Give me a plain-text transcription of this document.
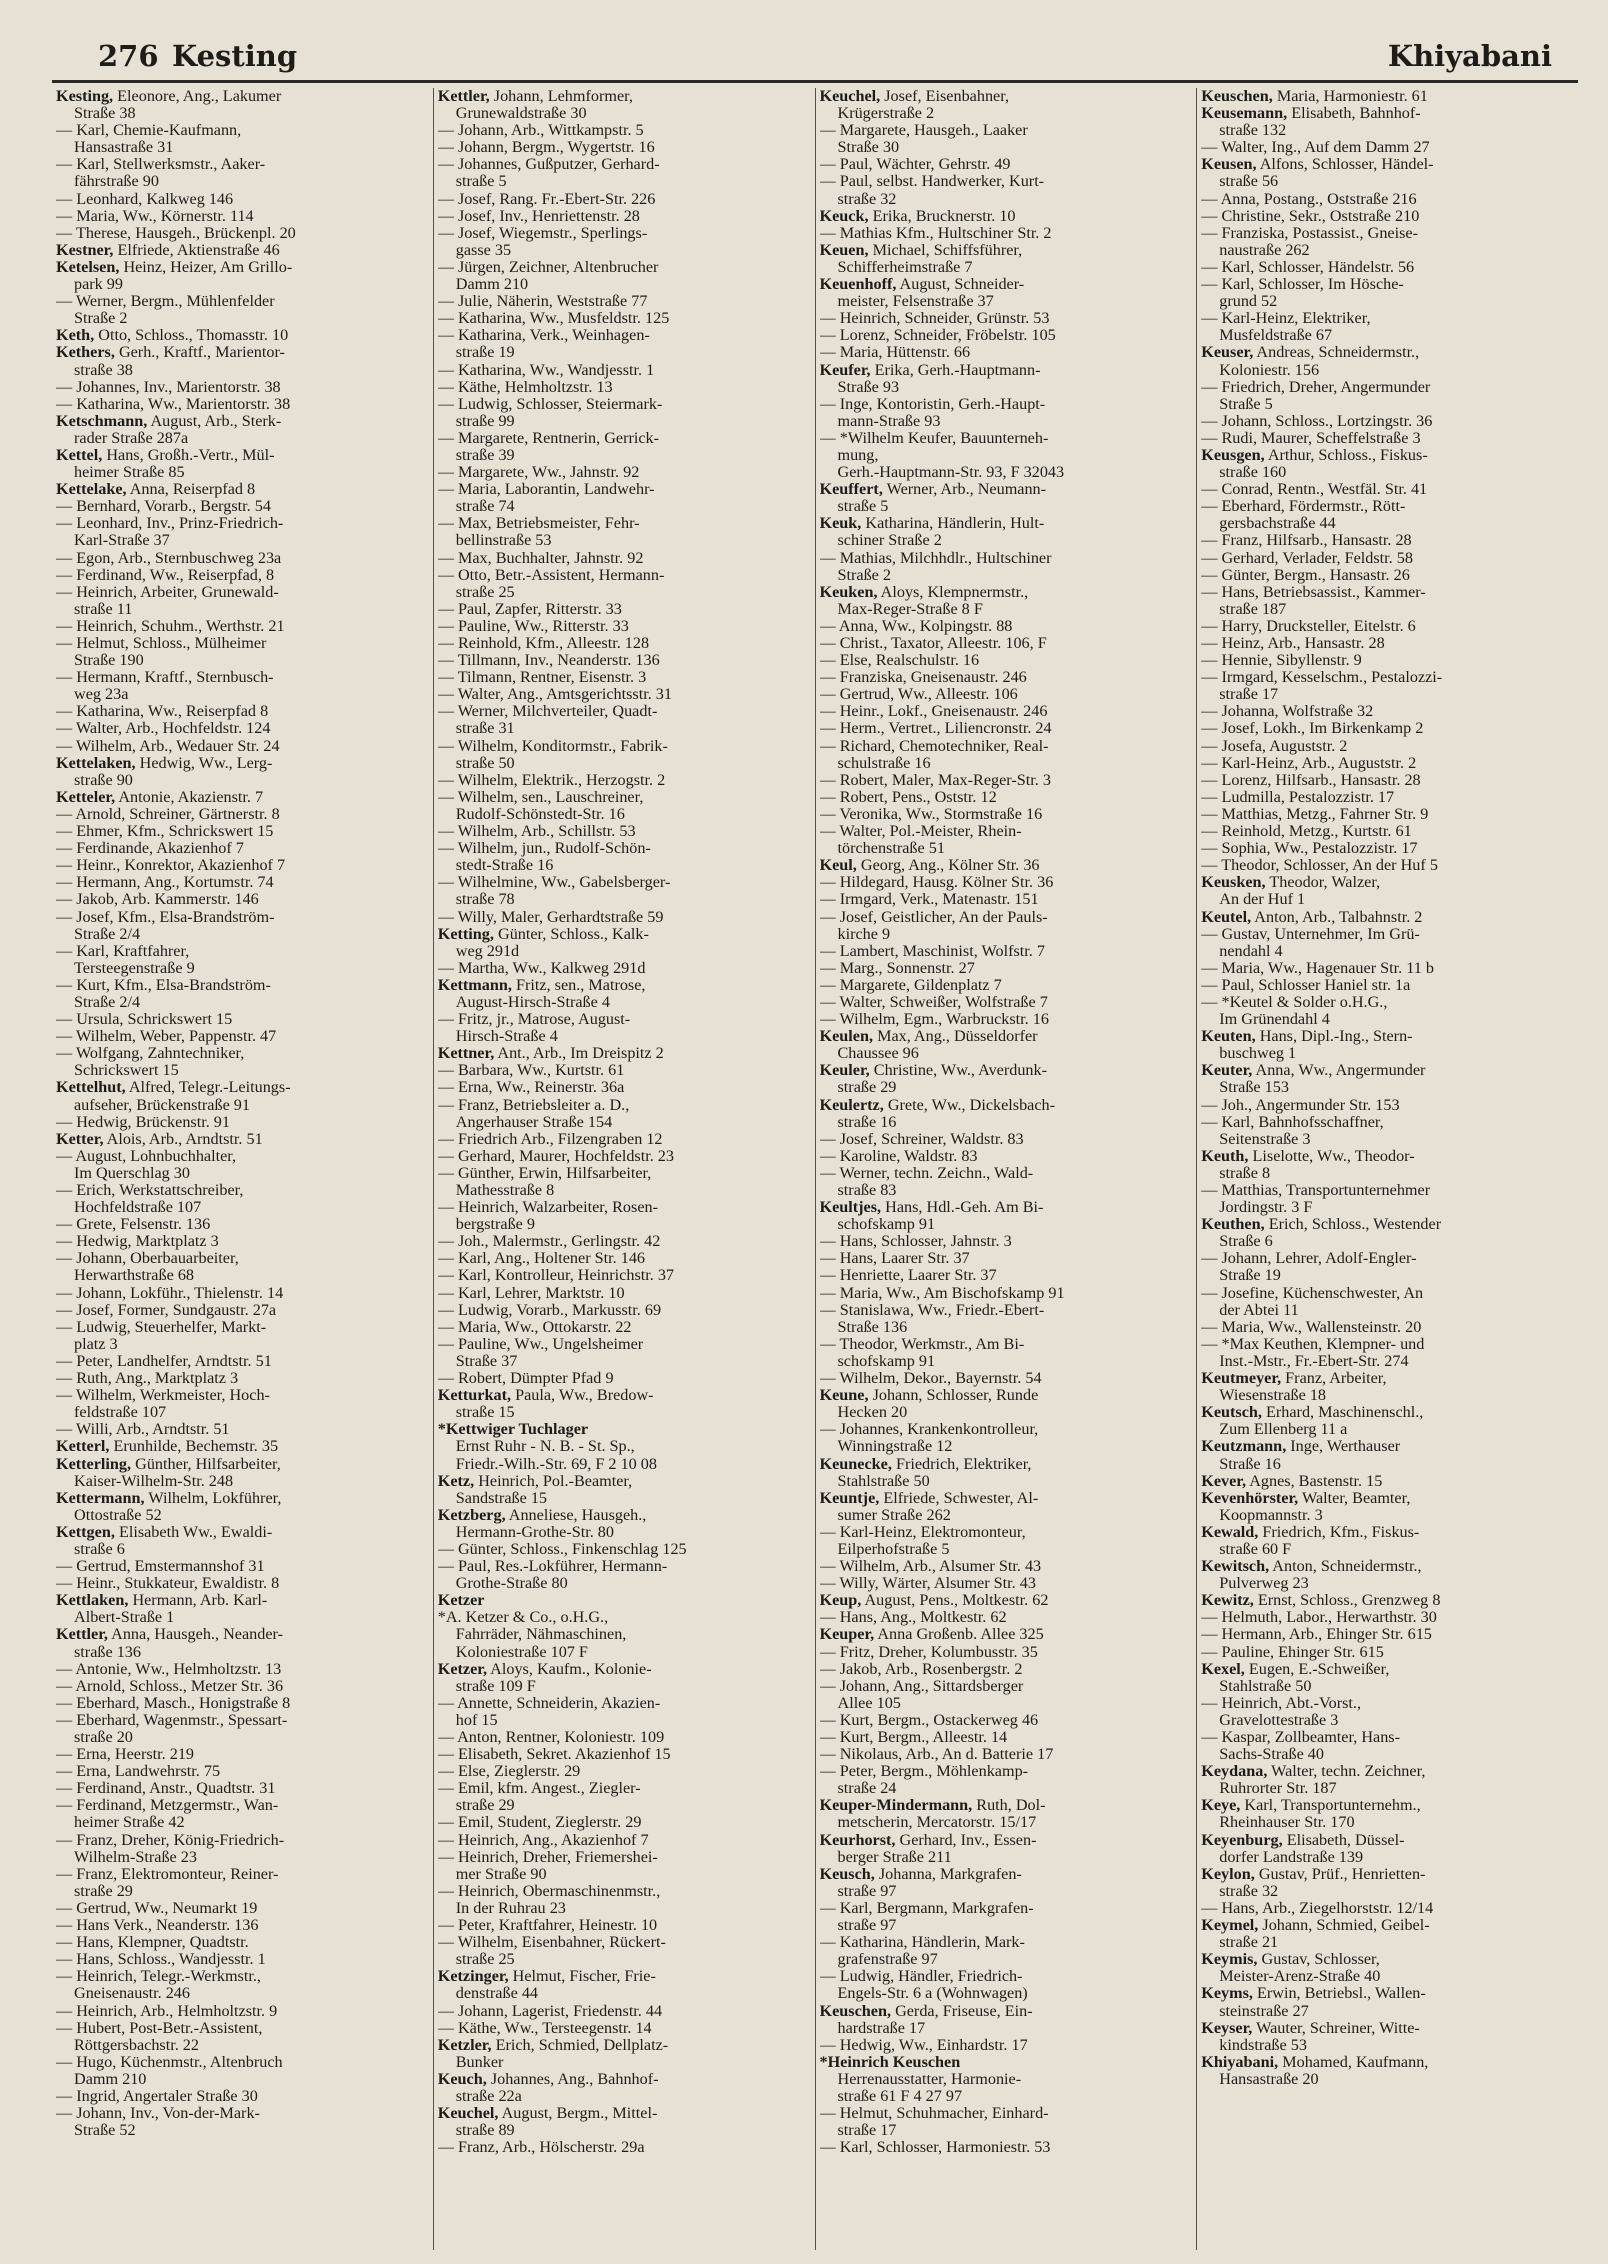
276 Kesting	Khiyabani

Kesting, Eleonore, Ang., Lakumer

Straße 38

— Karl, Chemie-Kaufmann,

Hansastraße 31

— Karl, Stellwerksmstr., Aaker-

fährstraße 90

— Leonhard, Kalkweg 146

— Maria, Ww., Körnerstr. 114

— Therese, Hausgeh., Brückenpl. 20

Kestner, Elfriede, Aktienstraße 46

Ketelsen, Heinz, Heizer, Am Grillo-

park 99

— Werner, Bergm., Mühlenfelder

Straße 2

Keth, Otto, Schloss., Thomasstr. 10

Kethers, Gerh., Kraftf., Marientor-

straße 38

— Johannes, Inv., Marientorstr. 38

— Katharina, Ww., Marientorstr. 38

Ketschmann, August, Arb., Sterk-

rader Straße 287a

Kettel, Hans, Großh.-Vertr., Mül-

heimer Straße 85

Kettelake, Anna, Reiserpfad 8

— Bernhard, Vorarb., Bergstr. 54

— Leonhard, Inv., Prinz-Friedrich-

Karl-Straße 37

— Egon, Arb., Sternbuschweg 23a

— Ferdinand, Ww., Reiserpfad, 8

— Heinrich, Arbeiter, Grunewald-

straße 11

— Heinrich, Schuhm., Werthstr. 21

— Helmut, Schloss., Mülheimer

Straße 190

— Hermann, Kraftf., Sternbusch-

weg 23a

— Katharina, Ww., Reiserpfad 8

— Walter, Arb., Hochfeldstr. 124

— Wilhelm, Arb., Wedauer Str. 24

Kettelaken, Hedwig, Ww., Lerg-

straße 90

Ketteler, Antonie, Akazienstr. 7

— Arnold, Schreiner, Gärtnerstr. 8

— Ehmer, Kfm., Schrickswert 15

— Ferdinande, Akazienhof 7

— Heinr., Konrektor, Akazienhof 7

— Hermann, Ang., Kortumstr. 74

— Jakob, Arb. Kammerstr. 146

— Josef, Kfm., Elsa-Brandström-

Straße 2/4

— Karl, Kraftfahrer,

Tersteegenstraße 9

— Kurt, Kfm., Elsa-Brandström-

Straße 2/4

— Ursula, Schrickswert 15

— Wilhelm, Weber, Pappenstr. 47

— Wolfgang, Zahntechniker,

Schrickswert 15

Kettelhut, Alfred, Telegr.-Leitungs-

aufseher, Brückenstraße 91

— Hedwig, Brückenstr. 91

Ketter, Alois, Arb., Arndtstr. 51

— August, Lohnbuchhalter,

Im Querschlag 30

— Erich, Werkstattschreiber,

Hochfeldstraße 107

— Grete, Felsenstr. 136

— Hedwig, Marktplatz 3

— Johann, Oberbauarbeiter,

Herwarthstraße 68

— Johann, Lokführ., Thielenstr. 14

— Josef, Former, Sundgaustr. 27a

— Ludwig, Steuerhelfer, Markt-

platz 3

— Peter, Landhelfer, Arndtstr. 51

— Ruth, Ang., Marktplatz 3

— Wilhelm, Werkmeister, Hoch-

feldstraße 107

— Willi, Arb., Arndtstr. 51

Ketterl, Erunhilde, Bechemstr. 35

Ketterling, Günther, Hilfsarbeiter,

Kaiser-Wilhelm-Str. 248

Kettermann, Wilhelm, Lokführer,

Ottostraße 52

Kettgen, Elisabeth Ww., Ewaldi-

straße 6

— Gertrud, Emstermannshof 31

— Heinr., Stukkateur, Ewaldistr. 8

Kettlaken, Hermann, Arb. Karl-

Albert-Straße 1

Kettler, Anna, Hausgeh., Neander-

straße 136

— Antonie, Ww., Helmholtzstr. 13

— Arnold, Schloss., Metzer Str. 36

— Eberhard, Masch., Honigstraße 8

— Eberhard, Wagenmstr., Spessart-

straße 20

— Erna, Heerstr. 219

— Erna, Landwehrstr. 75

— Ferdinand, Anstr., Quadtstr. 31

— Ferdinand, Metzgermstr., Wan-

heimer Straße 42

— Franz, Dreher, König-Friedrich-

Wilhelm-Straße 23

— Franz, Elektromonteur, Reiner-

straße 29

— Gertrud, Ww., Neumarkt 19

— Hans Verk., Neanderstr. 136

— Hans, Klempner, Quadtstr.

— Hans, Schloss., Wandjesstr. 1

— Heinrich, Telegr.-Werkmstr.,

Gneisenaustr. 246

— Heinrich, Arb., Helmholtzstr. 9

— Hubert, Post-Betr.-Assistent,

Röttgersbachstr. 22

— Hugo, Küchenmstr., Altenbruch

Damm 210

— Ingrid, Angertaler Straße 30

— Johann, Inv., Von-der-Mark-

Straße 52

Kettler, Johann, Lehmformer,

Grunewaldstraße 30

— Johann, Arb., Wittkampstr. 5

— Johann, Bergm., Wygertstr. 16

— Johannes, Gußputzer, Gerhard-

straße 5

— Josef, Rang. Fr.-Ebert-Str. 226

— Josef, Inv., Henriettenstr. 28

— Josef, Wiegemstr., Sperlings-

gasse 35

— Jürgen, Zeichner, Altenbrucher

Damm 210

— Julie, Näherin, Weststraße 77

— Katharina, Ww., Musfeldstr. 125

— Katharina, Verk., Weinhagen-

straße 19

— Katharina, Ww., Wandjesstr. 1

— Käthe, Helmholtzstr. 13

— Ludwig, Schlosser, Steiermark-

straße 99

— Margarete, Rentnerin, Gerrick-

straße 39

— Margarete, Ww., Jahnstr. 92

— Maria, Laborantin, Landwehr-

straße 74

— Max, Betriebsmeister, Fehr-

bellinstraße 53

— Max, Buchhalter, Jahnstr. 92

— Otto, Betr.-Assistent, Hermann-

straße 25

— Paul, Zapfer, Ritterstr. 33

— Pauline, Ww., Ritterstr. 33

— Reinhold, Kfm., Alleestr. 128

— Tillmann, Inv., Neanderstr. 136

— Tilmann, Rentner, Eisenstr. 3

— Walter, Ang., Amtsgerichtsstr. 31

— Werner, Milchverteiler, Quadt-

straße 31

— Wilhelm, Konditormstr., Fabrik-

straße 50

— Wilhelm, Elektrik., Herzogstr. 2

— Wilhelm, sen., Lauschreiner,

Rudolf-Schönstedt-Str. 16

— Wilhelm, Arb., Schillstr. 53

— Wilhelm, jun., Rudolf-Schön-

stedt-Straße 16

— Wilhelmine, Ww., Gabelsberger-

straße 78

— Willy, Maler, Gerhardtstraße 59

Ketting, Günter, Schloss., Kalk-

weg 291d

— Martha, Ww., Kalkweg 291d

Kettmann, Fritz, sen., Matrose,

August-Hirsch-Straße 4

— Fritz, jr., Matrose, August-

Hirsch-Straße 4

Kettner, Ant., Arb., Im Dreispitz 2

— Barbara, Ww., Kurtstr. 61

— Erna, Ww., Reinerstr. 36a

— Franz, Betriebsleiter a. D.,

Angerhauser Straße 154

— Friedrich Arb., Filzengraben 12

— Gerhard, Maurer, Hochfeldstr. 23

— Günther, Erwin, Hilfsarbeiter,

Mathesstraße 8

— Heinrich, Walzarbeiter, Rosen-

bergstraße 9

— Joh., Malermstr., Gerlingstr. 42

— Karl, Ang., Holtener Str. 146

— Karl, Kontrolleur, Heinrichstr. 37

— Karl, Lehrer, Marktstr. 10

— Ludwig, Vorarb., Markusstr. 69

— Maria, Ww., Ottokarstr. 22

— Pauline, Ww., Ungelsheimer

Straße 37

— Robert, Dümpter Pfad 9

Ketturkat, Paula, Ww., Bredow-

straße 15

*Kettwiger Tuchlager

Ernst Ruhr - N. B. - St. Sp.,

Friedr.-Wilh.-Str. 69, F 2 10 08

Ketz, Heinrich, Pol.-Beamter,

Sandstraße 15

Ketzberg, Anneliese, Hausgeh.,

Hermann-Grothe-Str. 80

— Günter, Schloss., Finkenschlag 125

— Paul, Res.-Lokführer, Hermann-

Grothe-Straße 80

Ketzer

*A. Ketzer & Co., o.H.G.,

Fahrräder, Nähmaschinen,

Koloniestraße 107 F

Ketzer, Aloys, Kaufm., Kolonie-

straße 109 F

— Annette, Schneiderin, Akazien-

hof 15

— Anton, Rentner, Koloniestr. 109

— Elisabeth, Sekret. Akazienhof 15

— Else, Zieglerstr. 29

— Emil, kfm. Angest., Ziegler-

straße 29

— Emil, Student, Zieglerstr. 29

— Heinrich, Ang., Akazienhof 7

— Heinrich, Dreher, Friemershei-

mer Straße 90

— Heinrich, Obermaschinenmstr.,

In der Ruhrau 23

— Peter, Kraftfahrer, Heinestr. 10

— Wilhelm, Eisenbahner, Rückert-

straße 25

Ketzinger, Helmut, Fischer, Frie-

denstraße 44

— Johann, Lagerist, Friedenstr. 44

— Käthe, Ww., Tersteegenstr. 14

Ketzler, Erich, Schmied, Dellplatz-

Bunker

Keuch, Johannes, Ang., Bahnhof-

straße 22a

Keuchel, August, Bergm., Mittel-

straße 89

— Franz, Arb., Hölscherstr. 29a

Keuchel, Josef, Eisenbahner,

Krügerstraße 2

— Margarete, Hausgeh., Laaker

Straße 30

— Paul, Wächter, Gehrstr. 49

— Paul, selbst. Handwerker, Kurt-

straße 32

Keuck, Erika, Brucknerstr. 10

— Mathias Kfm., Hultschiner Str. 2

Keuen, Michael, Schiffsführer,

Schifferheimstraße 7

Keuenhoff, August, Schneider-

meister, Felsenstraße 37

— Heinrich, Schneider, Grünstr. 53

— Lorenz, Schneider, Fröbelstr. 105

— Maria, Hüttenstr. 66

Keufer, Erika, Gerh.-Hauptmann-

Straße 93

— Inge, Kontoristin, Gerh.-Haupt-

mann-Straße 93

— *Wilhelm Keufer, Bauunterneh-

mung,

Gerh.-Hauptmann-Str. 93, F 32043

Keuffert, Werner, Arb., Neumann-

straße 5

Keuk, Katharina, Händlerin, Hult-

schiner Straße 2

— Mathias, Milchhdlr., Hultschiner

Straße 2

Keuken, Aloys, Klempnermstr.,

Max-Reger-Straße 8 F

— Anna, Ww., Kolpingstr. 88

— Christ., Taxator, Alleestr. 106, F

— Else, Realschulstr. 16

— Franziska, Gneisenaustr. 246

— Gertrud, Ww., Alleestr. 106

— Heinr., Lokf., Gneisenaustr. 246

— Herm., Vertret., Liliencronstr. 24

— Richard, Chemotechniker, Real-

schulstraße 16

— Robert, Maler, Max-Reger-Str. 3

— Robert, Pens., Oststr. 12

— Veronika, Ww., Stormstraße 16

— Walter, Pol.-Meister, Rhein-

törchenstraße 51

Keul, Georg, Ang., Kölner Str. 36

— Hildegard, Hausg. Kölner Str. 36

— Irmgard, Verk., Matenastr. 151

— Josef, Geistlicher, An der Pauls-

kirche 9

— Lambert, Maschinist, Wolfstr. 7

— Marg., Sonnenstr. 27

— Margarete, Gildenplatz 7

— Walter, Schweißer, Wolfstraße 7

— Wilhelm, Egm., Warbruckstr. 16

Keulen, Max, Ang., Düsseldorfer

Chaussee 96

Keuler, Christine, Ww., Averdunk-

straße 29

Keulertz, Grete, Ww., Dickelsbach-

straße 16

— Josef, Schreiner, Waldstr. 83

— Karoline, Waldstr. 83

— Werner, techn. Zeichn., Wald-

straße 83

Keultjes, Hans, Hdl.-Geh. Am Bi-

schofskamp 91

— Hans, Schlosser, Jahnstr. 3

— Hans, Laarer Str. 37

— Henriette, Laarer Str. 37

— Maria, Ww., Am Bischofskamp 91

— Stanislawa, Ww., Friedr.-Ebert-

Straße 136

— Theodor, Werkmstr., Am Bi-

schofskamp 91

— Wilhelm, Dekor., Bayernstr. 54

Keune, Johann, Schlosser, Runde

Hecken 20

— Johannes, Krankenkontrolleur,

Winningstraße 12

Keunecke, Friedrich, Elektriker,

Stahlstraße 50

Keuntje, Elfriede, Schwester, Al-

sumer Straße 262

— Karl-Heinz, Elektromonteur,

Eilperhofstraße 5

— Wilhelm, Arb., Alsumer Str. 43

— Willy, Wärter, Alsumer Str. 43

Keup, August, Pens., Moltkestr. 62

— Hans, Ang., Moltkestr. 62

Keuper, Anna Großenb. Allee 325

— Fritz, Dreher, Kolumbusstr. 35

— Jakob, Arb., Rosenbergstr. 2

— Johann, Ang., Sittardsberger

Allee 105

— Kurt, Bergm., Ostackerweg 46

— Kurt, Bergm., Alleestr. 14

— Nikolaus, Arb., An d. Batterie 17

— Peter, Bergm., Möhlenkamp-

straße 24

Keuper-Mindermann, Ruth, Dol-

metscherin, Mercatorstr. 15/17

Keurhorst, Gerhard, Inv., Essen-

berger Straße 211

Keusch, Johanna, Markgrafen-

straße 97

— Karl, Bergmann, Markgrafen-

straße 97

— Katharina, Händlerin, Mark-

grafenstraße 97

— Ludwig, Händler, Friedrich-

Engels-Str. 6 a (Wohnwagen)

Keuschen, Gerda, Friseuse, Ein-

hardstraße 17

— Hedwig, Ww., Einhardstr. 17

*Heinrich Keuschen

Herrenausstatter, Harmonie-

straße 61 F 4 27 97

— Helmut, Schuhmacher, Einhard-

straße 17

— Karl, Schlosser, Harmoniestr. 53

Keuschen, Maria, Harmoniestr. 61

Keusemann, Elisabeth, Bahnhof-

straße 132

— Walter, Ing., Auf dem Damm 27

Keusen, Alfons, Schlosser, Händel-

straße 56

— Anna, Postang., Oststraße 216

— Christine, Sekr., Oststraße 210

— Franziska, Postassist., Gneise-

naustraße 262

— Karl, Schlosser, Händelstr. 56

— Karl, Schlosser, Im Hösche-

grund 52

— Karl-Heinz, Elektriker,

Musfeldstraße 67

Keuser, Andreas, Schneidermstr.,

Koloniestr. 156

— Friedrich, Dreher, Angermunder

Straße 5

— Johann, Schloss., Lortzingstr. 36

— Rudi, Maurer, Scheffelstraße 3

Keusgen, Arthur, Schloss., Fiskus-

straße 160

— Conrad, Rentn., Westfäl. Str. 41

— Eberhard, Fördermstr., Rött-

gersbachstraße 44

— Franz, Hilfsarb., Hansastr. 28

— Gerhard, Verlader, Feldstr. 58

— Günter, Bergm., Hansastr. 26

— Hans, Betriebsassist., Kammer-

straße 187

— Harry, Drucksteller, Eitelstr. 6

— Heinz, Arb., Hansastr. 28

— Hennie, Sibyllenstr. 9

— Irmgard, Kesselschm., Pestalozzi-

straße 17

— Johanna, Wolfstraße 32

— Josef, Lokh., Im Birkenkamp 2

— Josefa, Auguststr. 2

— Karl-Heinz, Arb., Auguststr. 2

— Lorenz, Hilfsarb., Hansastr. 28

— Ludmilla, Pestalozzistr. 17

— Matthias, Metzg., Fahrner Str. 9

— Reinhold, Metzg., Kurtstr. 61

— Sophia, Ww., Pestalozzistr. 17

— Theodor, Schlosser, An der Huf 5

Keusken, Theodor, Walzer,

An der Huf 1

Keutel, Anton, Arb., Talbahnstr. 2

— Gustav, Unternehmer, Im Grü-

nendahl 4

— Maria, Ww., Hagenauer Str. 11 b

— Paul, Schlosser Haniel str. 1a

— *Keutel & Solder o.H.G.,

Im Grünendahl 4

Keuten, Hans, Dipl.-Ing., Stern-

buschweg 1

Keuter, Anna, Ww., Angermunder

Straße 153

— Joh., Angermunder Str. 153

— Karl, Bahnhofsschaffner,

Seitenstraße 3

Keuth, Liselotte, Ww., Theodor-

straße 8

— Matthias, Transportunternehmer

Jordingstr. 3 F

Keuthen, Erich, Schloss., Westender

Straße 6

— Johann, Lehrer, Adolf-Engler-

Straße 19

— Josefine, Küchenschwester, An

der Abtei 11

— Maria, Ww., Wallensteinstr. 20

— *Max Keuthen, Klempner- und

Inst.-Mstr., Fr.-Ebert-Str. 274

Keutmeyer, Franz, Arbeiter,

Wiesenstraße 18

Keutsch, Erhard, Maschinenschl.,

Zum Ellenberg 11 a

Keutzmann, Inge, Werthauser

Straße 16

Kever, Agnes, Bastenstr. 15

Kevenhörster, Walter, Beamter,

Koopmannstr. 3

Kewald, Friedrich, Kfm., Fiskus-

straße 60 F

Kewitsch, Anton, Schneidermstr.,

Pulverweg 23

Kewitz, Ernst, Schloss., Grenzweg 8

— Helmuth, Labor., Herwarthstr. 30

— Hermann, Arb., Ehinger Str. 615

— Pauline, Ehinger Str. 615

Kexel, Eugen, E.-Schweißer,

Stahlstraße 50

— Heinrich, Abt.-Vorst.,

Gravelottestraße 3

— Kaspar, Zollbeamter, Hans-

Sachs-Straße 40

Keydana, Walter, techn. Zeichner,

Ruhrorter Str. 187

Keye, Karl, Transportunternehm.,

Rheinhauser Str. 170

Keyenburg, Elisabeth, Düssel-

dorfer Landstraße 139

Keylon, Gustav, Prüf., Henrietten-

straße 32

— Hans, Arb., Ziegelhorststr. 12/14

Keymel, Johann, Schmied, Geibel-

straße 21

Keymis, Gustav, Schlosser,

Meister-Arenz-Straße 40

Keyms, Erwin, Betriebsl., Wallen-

steinstraße 27

Keyser, Wauter, Schreiner, Witte-

kindstraße 53

Khiyabani, Mohamed, Kaufmann,

Hansastraße 20
